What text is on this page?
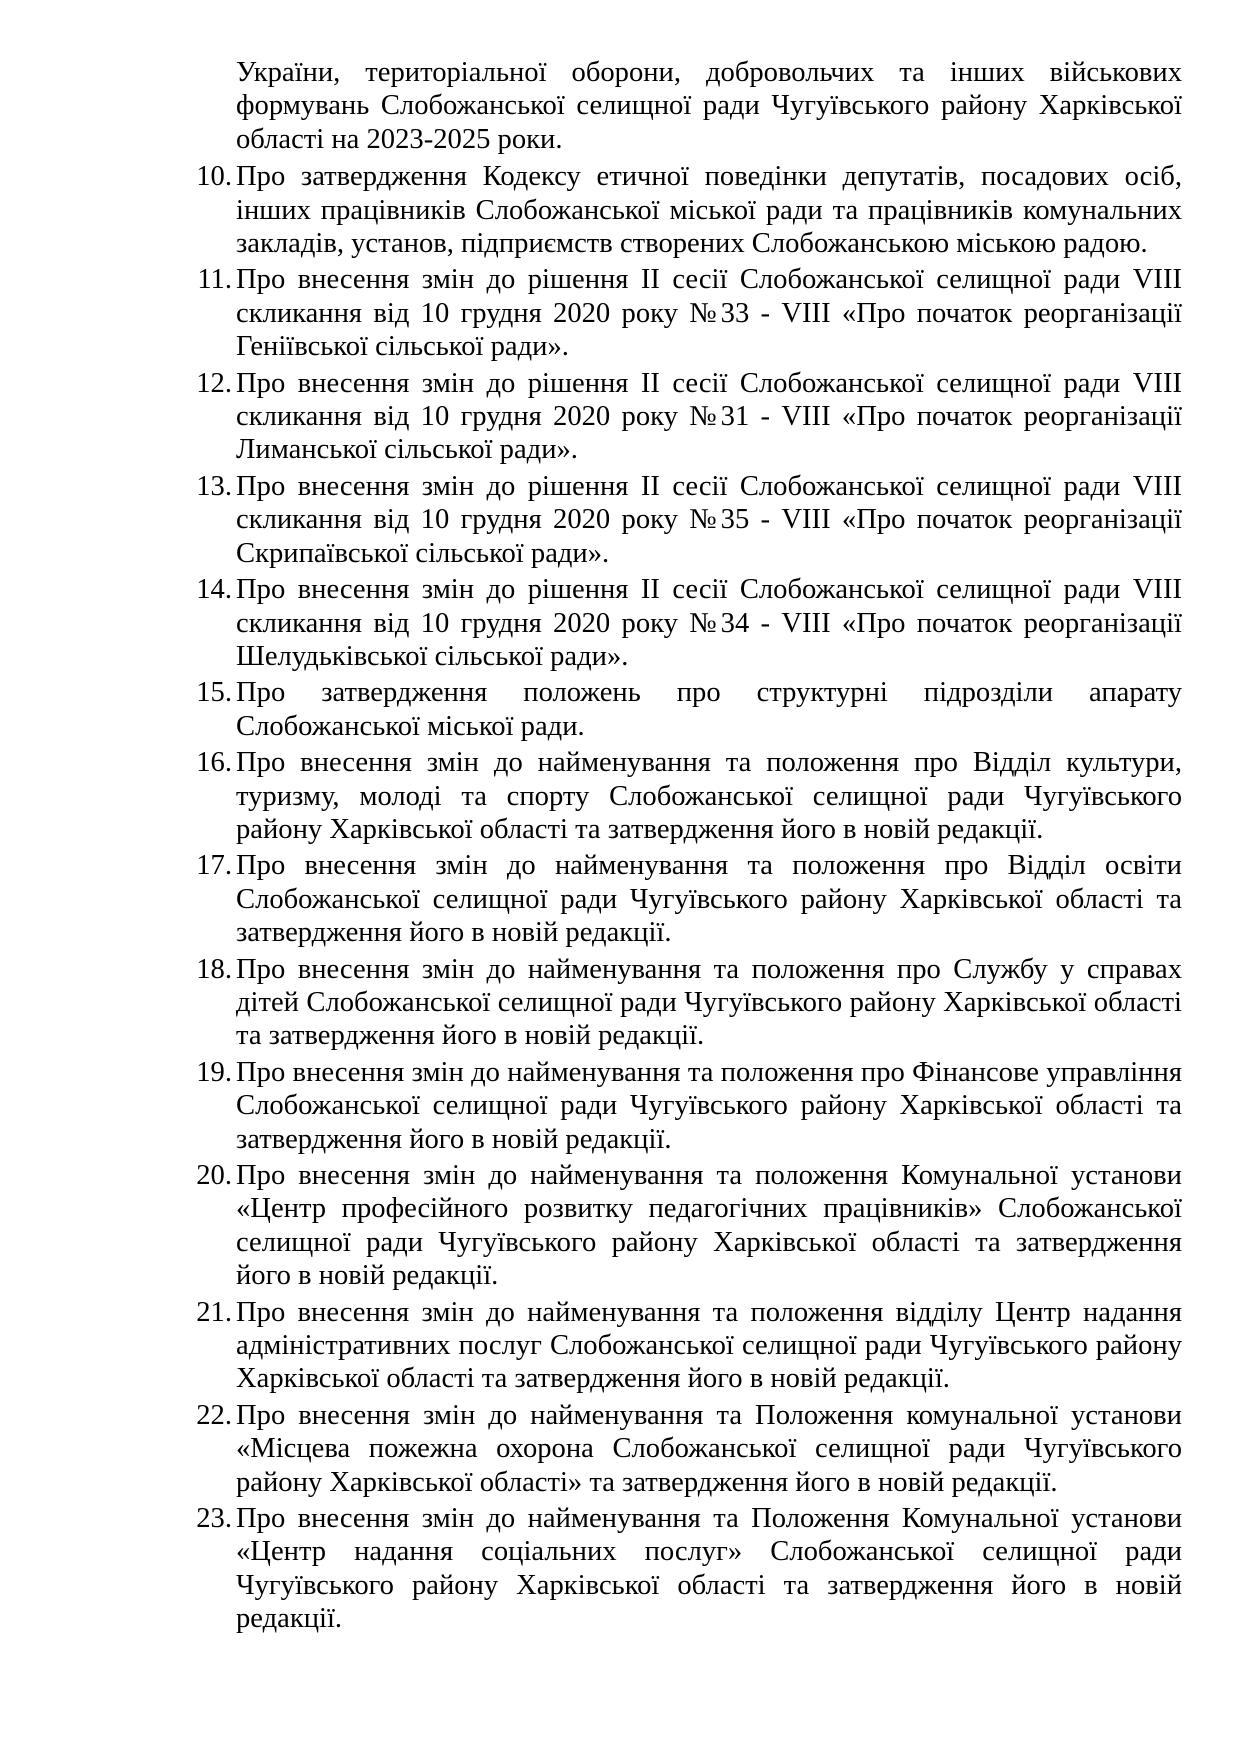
України, територіальної оборони, добровольчих та інших військових формувань Слобожанської селищної ради Чугуївського району Харківської області на 2023-2025 роки.

10. Про затвердження Кодексу етичної поведінки депутатів, посадових осіб, інших працівників Слобожанської міської ради та працівників комунальних закладів, установ, підприємств створених Слобожанською міською радою.
11. Про внесення змін до рішення ІІ сесії Слобожанської селищної ради VIII скликання від 10 грудня 2020 року №33 - VIII «Про початок реорганізації Геніївської сільської ради».
12. Про внесення змін до рішення ІІ сесії Слобожанської селищної ради VIII скликання від 10 грудня 2020 року №31 - VIII «Про початок реорганізації Лиманської сільської ради».
13. Про внесення змін до рішення ІІ сесії Слобожанської селищної ради VIII скликання від 10 грудня 2020 року №35 - VIII «Про початок реорганізації Скрипаївської сільської ради».
14. Про внесення змін до рішення ІІ сесії Слобожанської селищної ради VIII скликання від 10 грудня 2020 року №34 - VIII «Про початок реорганізації Шелудьківської сільської ради».
15. Про затвердження положень про структурні підрозділи апарату Слобожанської міської ради.
16. Про внесення змін до найменування та положення про Відділ культури, туризму, молоді та спорту Слобожанської селищної ради Чугуївського району Харківської області та затвердження його в новій редакції.
17. Про внесення змін до найменування та положення про Відділ освіти Слобожанської селищної ради Чугуївського району Харківської області та затвердження його в новій редакції.
18. Про внесення змін до найменування та положення про Службу у справах дітей Слобожанської селищної ради Чугуївського району Харківської області та затвердження його в новій редакції.
19. Про внесення змін до найменування та положення про Фінансове управління Слобожанської селищної ради Чугуївського району Харківської області та затвердження його в новій редакції.
20. Про внесення змін до найменування та положення Комунальної установи «Центр професійного розвитку педагогічних працівників» Слобожанської селищної ради Чугуївського району Харківської області та затвердження його в новій редакції.
21. Про внесення змін до найменування та положення відділу Центр надання адміністративних послуг Слобожанської селищної ради Чугуївського району Харківської області та затвердження його в новій редакції.
22. Про внесення змін до найменування та Положення комунальної установи «Місцева пожежна охорона Слобожанської селищної ради Чугуївського району Харківської області» та затвердження його в новій редакції.
23. Про внесення змін до найменування та Положення Комунальної установи «Центр надання соціальних послуг» Слобожанської селищної ради Чугуївського району Харківської області та затвердження його в новій редакції.
